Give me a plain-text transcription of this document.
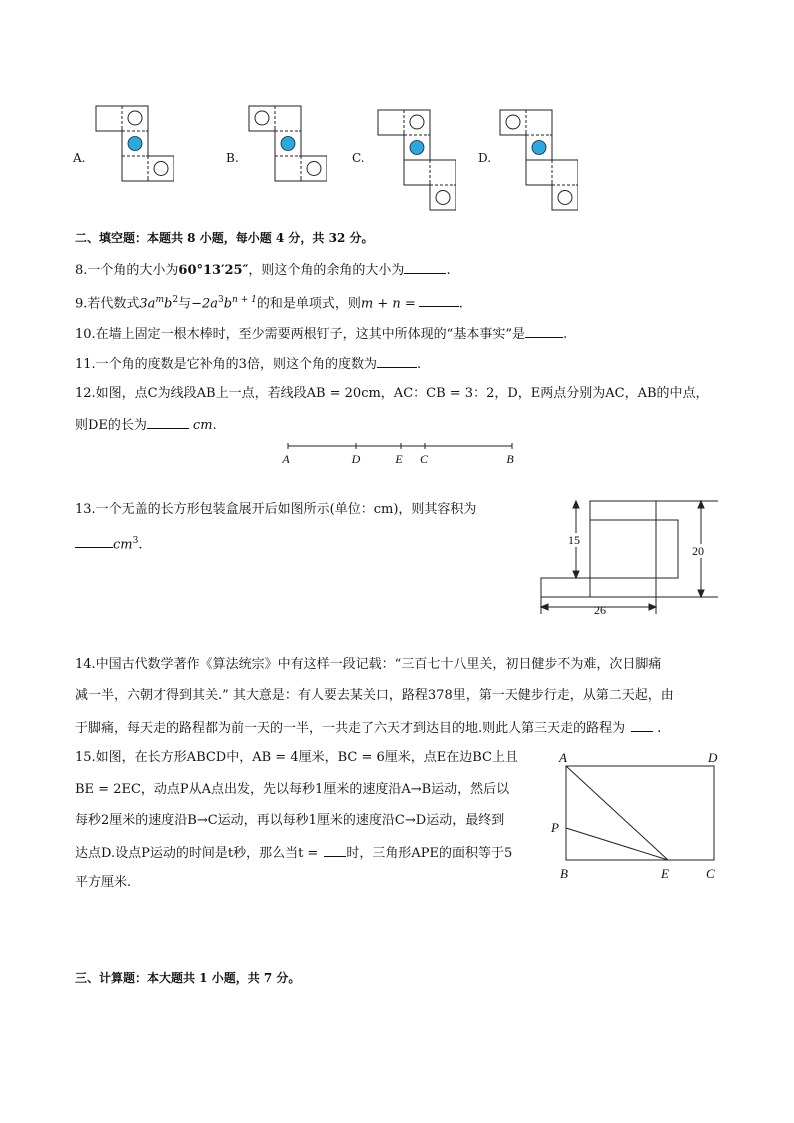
A.	B.	C.	D.
二、填空题：本题共 8 小题，每小题 4 分，共 32 分。
8.一个角的大小为60°13′25″，则这个角的余角的大小为	.
9.若代数式$3a^mb^2$与$-2a^3b^{n + 1}$的和是单项式，则m + n =	.
10.在墙上固定一根木棒时，至少需要两根钉子，这其中所体现的“基本事实”是	.
11.一个角的度数是它补角的3倍，则这个角的度数为	.
12.如图，点C为线段AB上一点，若线段AB = 20cm，AC：CB = 3：2，D，E两点分别为AC，AB的中点，
则DE的长为	cm.
A	D	E C	B
13.一个无盖的长方形包装盒展开后如图所示(单位：cm)，则其容积为
$cm^3$.	15
20
26
14.中国古代数学著作《算法统宗》中有这样一段记载：“三百七十八里关，初日健步不为难，次日脚痛
减一半，六朝才得到其关.” 其大意是：有人要去某关口，路程378里，第一天健步行走，从第二天起，由
于脚痛，每天走的路程都为前一天的一半，一共走了六天才到达目的地.则此人第三天走的路程为 .
15.如图，在长方形ABCD中，AB = 4厘米，BC = 6厘米，点E在边BC上且
BE = 2EC，动点P从A点出发，先以每秒1厘米的速度沿A→B运动，然后以
每秒2厘米的速度沿B→C运动，再以每秒1厘米的速度沿C→D运动，最终到
达点D.设点P运动的时间是t秒，那么当t = 时，三角形APE的面积等于5
平方厘米.
A	D
P
B	E	C
三、计算题：本大题共 1 小题，共 7 分。
